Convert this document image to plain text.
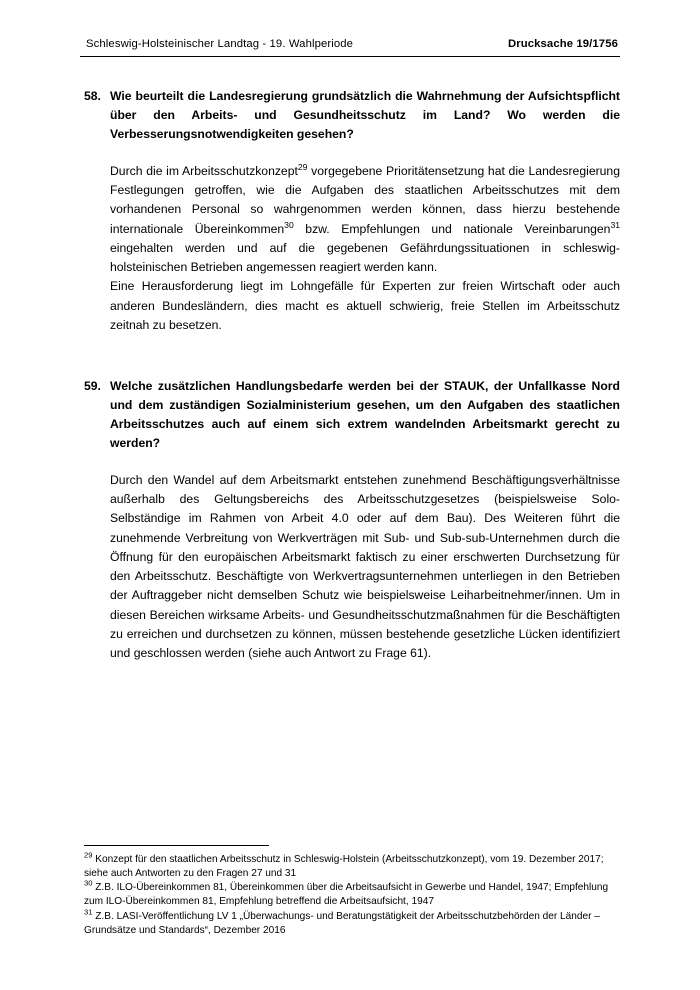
Schleswig-Holsteinischer Landtag - 19. Wahlperiode	Drucksache 19/1756
58. Wie beurteilt die Landesregierung grundsätzlich die Wahrnehmung der Aufsichtspflicht über den Arbeits- und Gesundheitsschutz im Land? Wo werden die Verbesserungsnotwendigkeiten gesehen?

Durch die im Arbeitsschutzkonzept$^{29}$ vorgegebene Prioritätensetzung hat die Landesregierung Festlegungen getroffen, wie die Aufgaben des staatlichen Arbeitsschutzes mit dem vorhandenen Personal so wahrgenommen werden können, dass hierzu bestehende internationale Übereinkommen$^{30}$ bzw. Empfehlungen und nationale Vereinbarungen$^{31}$ eingehalten werden und auf die gegebenen Gefährdungssituationen in schleswig-holsteinischen Betrieben angemessen reagiert werden kann.

Eine Herausforderung liegt im Lohngefälle für Experten zur freien Wirtschaft oder auch anderen Bundesländern, dies macht es aktuell schwierig, freie Stellen im Arbeitsschutz zeitnah zu besetzen.

59. Welche zusätzlichen Handlungsbedarfe werden bei der STAUK, der Unfallkasse Nord und dem zuständigen Sozialministerium gesehen, um den Aufgaben des staatlichen Arbeitsschutzes auch auf einem sich extrem wandelnden Arbeitsmarkt gerecht zu werden?

Durch den Wandel auf dem Arbeitsmarkt entstehen zunehmend Beschäftigungsverhältnisse außerhalb des Geltungsbereichs des Arbeitsschutzgesetzes (beispielsweise Solo-Selbständige im Rahmen von Arbeit 4.0 oder auf dem Bau). Des Weiteren führt die zunehmende Verbreitung von Werkverträgen mit Sub- und Sub-sub-Unternehmen durch die Öffnung für den europäischen Arbeitsmarkt faktisch zu einer erschwerten Durchsetzung für den Arbeitsschutz. Beschäftigte von Werkvertragsunternehmen unterliegen in den Betrieben der Auftraggeber nicht demselben Schutz wie beispielsweise Leiharbeitnehmer/innen. Um in diesen Bereichen wirksame Arbeits- und Gesundheitsschutzmaßnahmen für die Beschäftigten zu erreichen und durchsetzen zu können, müssen bestehende gesetzliche Lücken identifiziert und geschlossen werden (siehe auch Antwort zu Frage 61).

$^{29}$ Konzept für den staatlichen Arbeitsschutz in Schleswig-Holstein (Arbeitsschutzkonzept), vom 19. Dezember 2017; siehe auch Antworten zu den Fragen 27 und 31
$^{30}$ Z.B. ILO-Übereinkommen 81, Übereinkommen über die Arbeitsaufsicht in Gewerbe und Handel, 1947; Empfehlung zum ILO-Übereinkommen 81, Empfehlung betreffend die Arbeitsaufsicht, 1947
$^{31}$ Z.B. LASI-Veröffentlichung LV 1 „Überwachungs- und Beratungstätigkeit der Arbeitsschutzbehörden der Länder – Grundsätze und Standards“, Dezember 2016
